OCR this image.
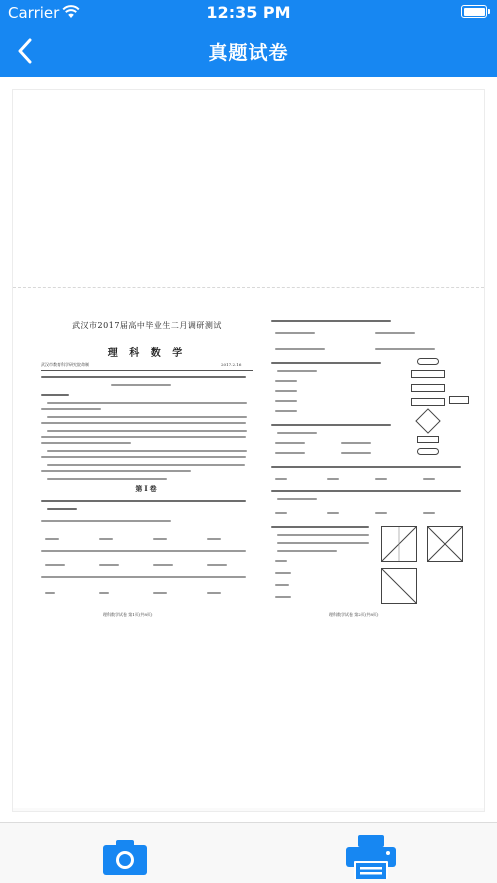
Carrier	12:35 PM
真题试卷
武汉市2017届高中毕业生二月调研测试
理 科 数 学
武汉市教育科学研究院命制	2017.2.16
第Ⅰ卷
理科数学试卷 第1页(共8页)	理科数学试卷 第2页(共8页)
